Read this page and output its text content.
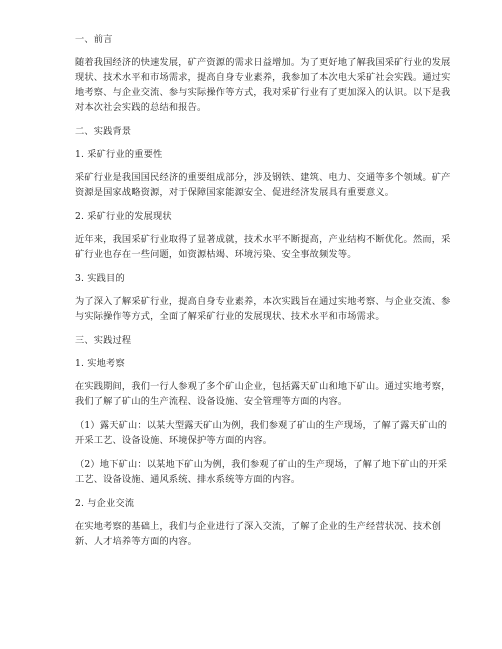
一、前言

随着我国经济的快速发展，矿产资源的需求日益增加。为了更好地了解我国采矿行业的发展现状、技术水平和市场需求，提高自身专业素养，我参加了本次电大采矿社会实践。通过实地考察、与企业交流、参与实际操作等方式，我对采矿行业有了更加深入的认识。以下是我对本次社会实践的总结和报告。

二、实践背景

1. 采矿行业的重要性

采矿行业是我国国民经济的重要组成部分，涉及钢铁、建筑、电力、交通等多个领域。矿产资源是国家战略资源，对于保障国家能源安全、促进经济发展具有重要意义。

2. 采矿行业的发展现状

近年来，我国采矿行业取得了显著成就，技术水平不断提高，产业结构不断优化。然而，采矿行业也存在一些问题，如资源枯竭、环境污染、安全事故频发等。

3. 实践目的

为了深入了解采矿行业，提高自身专业素养，本次实践旨在通过实地考察、与企业交流、参与实际操作等方式，全面了解采矿行业的发展现状、技术水平和市场需求。

三、实践过程

1. 实地考察

在实践期间，我们一行人参观了多个矿山企业，包括露天矿山和地下矿山。通过实地考察，我们了解了矿山的生产流程、设备设施、安全管理等方面的内容。

（1）露天矿山：以某大型露天矿山为例，我们参观了矿山的生产现场，了解了露天矿山的开采工艺、设备设施、环境保护等方面的内容。

（2）地下矿山：以某地下矿山为例，我们参观了矿山的生产现场，了解了地下矿山的开采工艺、设备设施、通风系统、排水系统等方面的内容。

2. 与企业交流

在实地考察的基础上，我们与企业进行了深入交流，了解了企业的生产经营状况、技术创新、人才培养等方面的内容。
